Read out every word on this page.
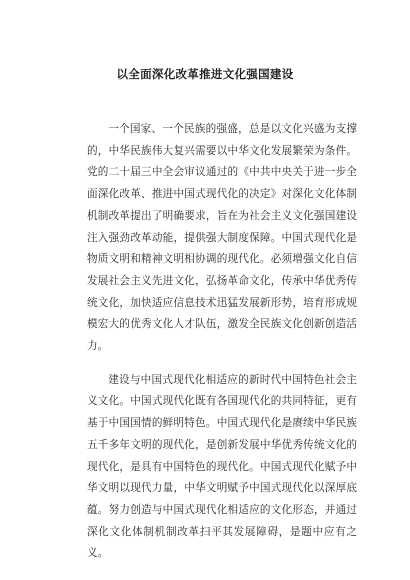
以全面深化改革推进文化强国建设

一个国家、一个民族的强盛，总是以文化兴盛为支撑的，中华民族伟大复兴需要以中华文化发展繁荣为条件。党的二十届三中全会审议通过的《中共中央关于进一步全面深化改革、推进中国式现代化的决定》对深化文化体制机制改革提出了明确要求，旨在为社会主义文化强国建设注入强劲改革动能，提供强大制度保障。中国式现代化是物质文明和精神文明相协调的现代化。必须增强文化自信发展社会主义先进文化，弘扬革命文化，传承中华优秀传统文化，加快适应信息技术迅猛发展新形势，培育形成规模宏大的优秀文化人才队伍，激发全民族文化创新创造活力。

建设与中国式现代化相适应的新时代中国特色社会主义文化。中国式现代化既有各国现代化的共同特征，更有基于中国国情的鲜明特色。中国式现代化是赓续中华民族五千多年文明的现代化，是创新发展中华优秀传统文化的现代化，是具有中国特色的现代化。中国式现代化赋予中华文明以现代力量，中华文明赋予中国式现代化以深厚底蕴。努力创造与中国式现代化相适应的文化形态，并通过深化文化体制机制改革扫平其发展障碍，是题中应有之义。
